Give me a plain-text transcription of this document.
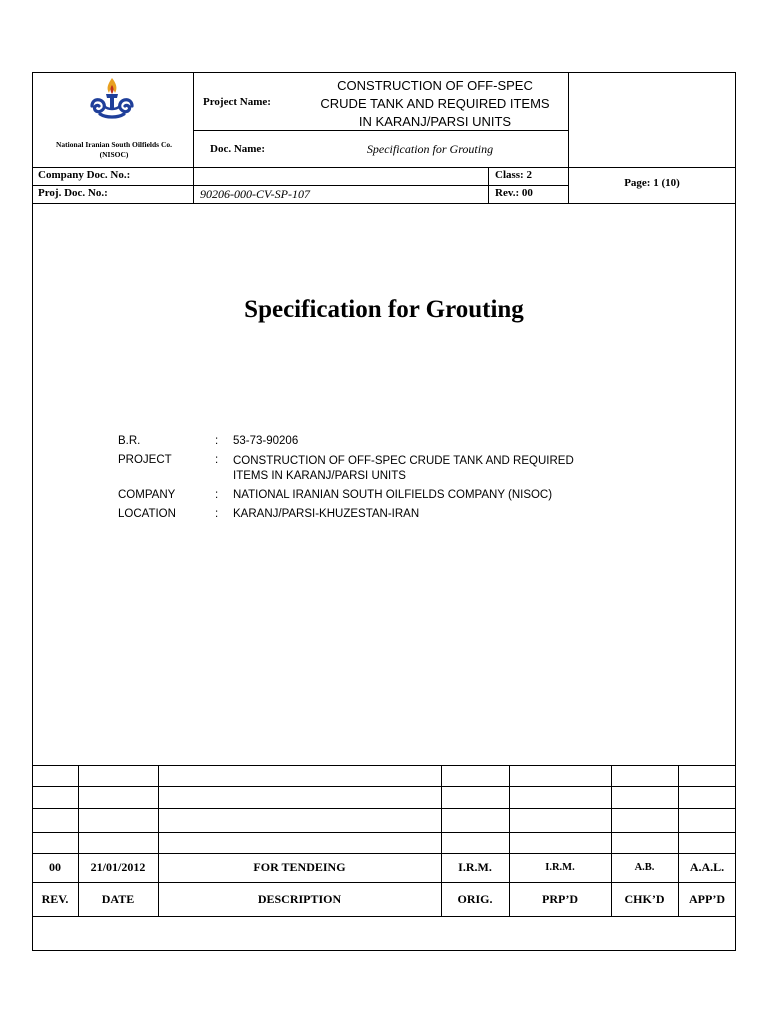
National Iranian South Oilfields Co.
(NISOC)
Project Name:
CONSTRUCTION OF OFF-SPEC
CRUDE TANK AND REQUIRED ITEMS
IN KARANJ/PARSI UNITS
Doc. Name:	Specification for Grouting
Company Doc. No.:
Proj. Doc. No.:	90206-000-CV-SP-107
Class: 2
Rev.: 00
Page: 1 (10)
Specification for Grouting
B.R.	: 53-73-90206
PROJECT	: CONSTRUCTION OF OFF-SPEC CRUDE TANK AND REQUIRED
ITEMS IN KARANJ/PARSI UNITS
COMPANY	: NATIONAL IRANIAN SOUTH OILFIELDS COMPANY (NISOC)
LOCATION	: KARANJ/PARSI-KHUZESTAN-IRAN
00	21/01/2012	FOR TENDEING	I.R.M.	I.R.M.	A.B.	A.A.L.
REV.	DATE	DESCRIPTION	ORIG.	PRP’D	CHK’D	APP’D
